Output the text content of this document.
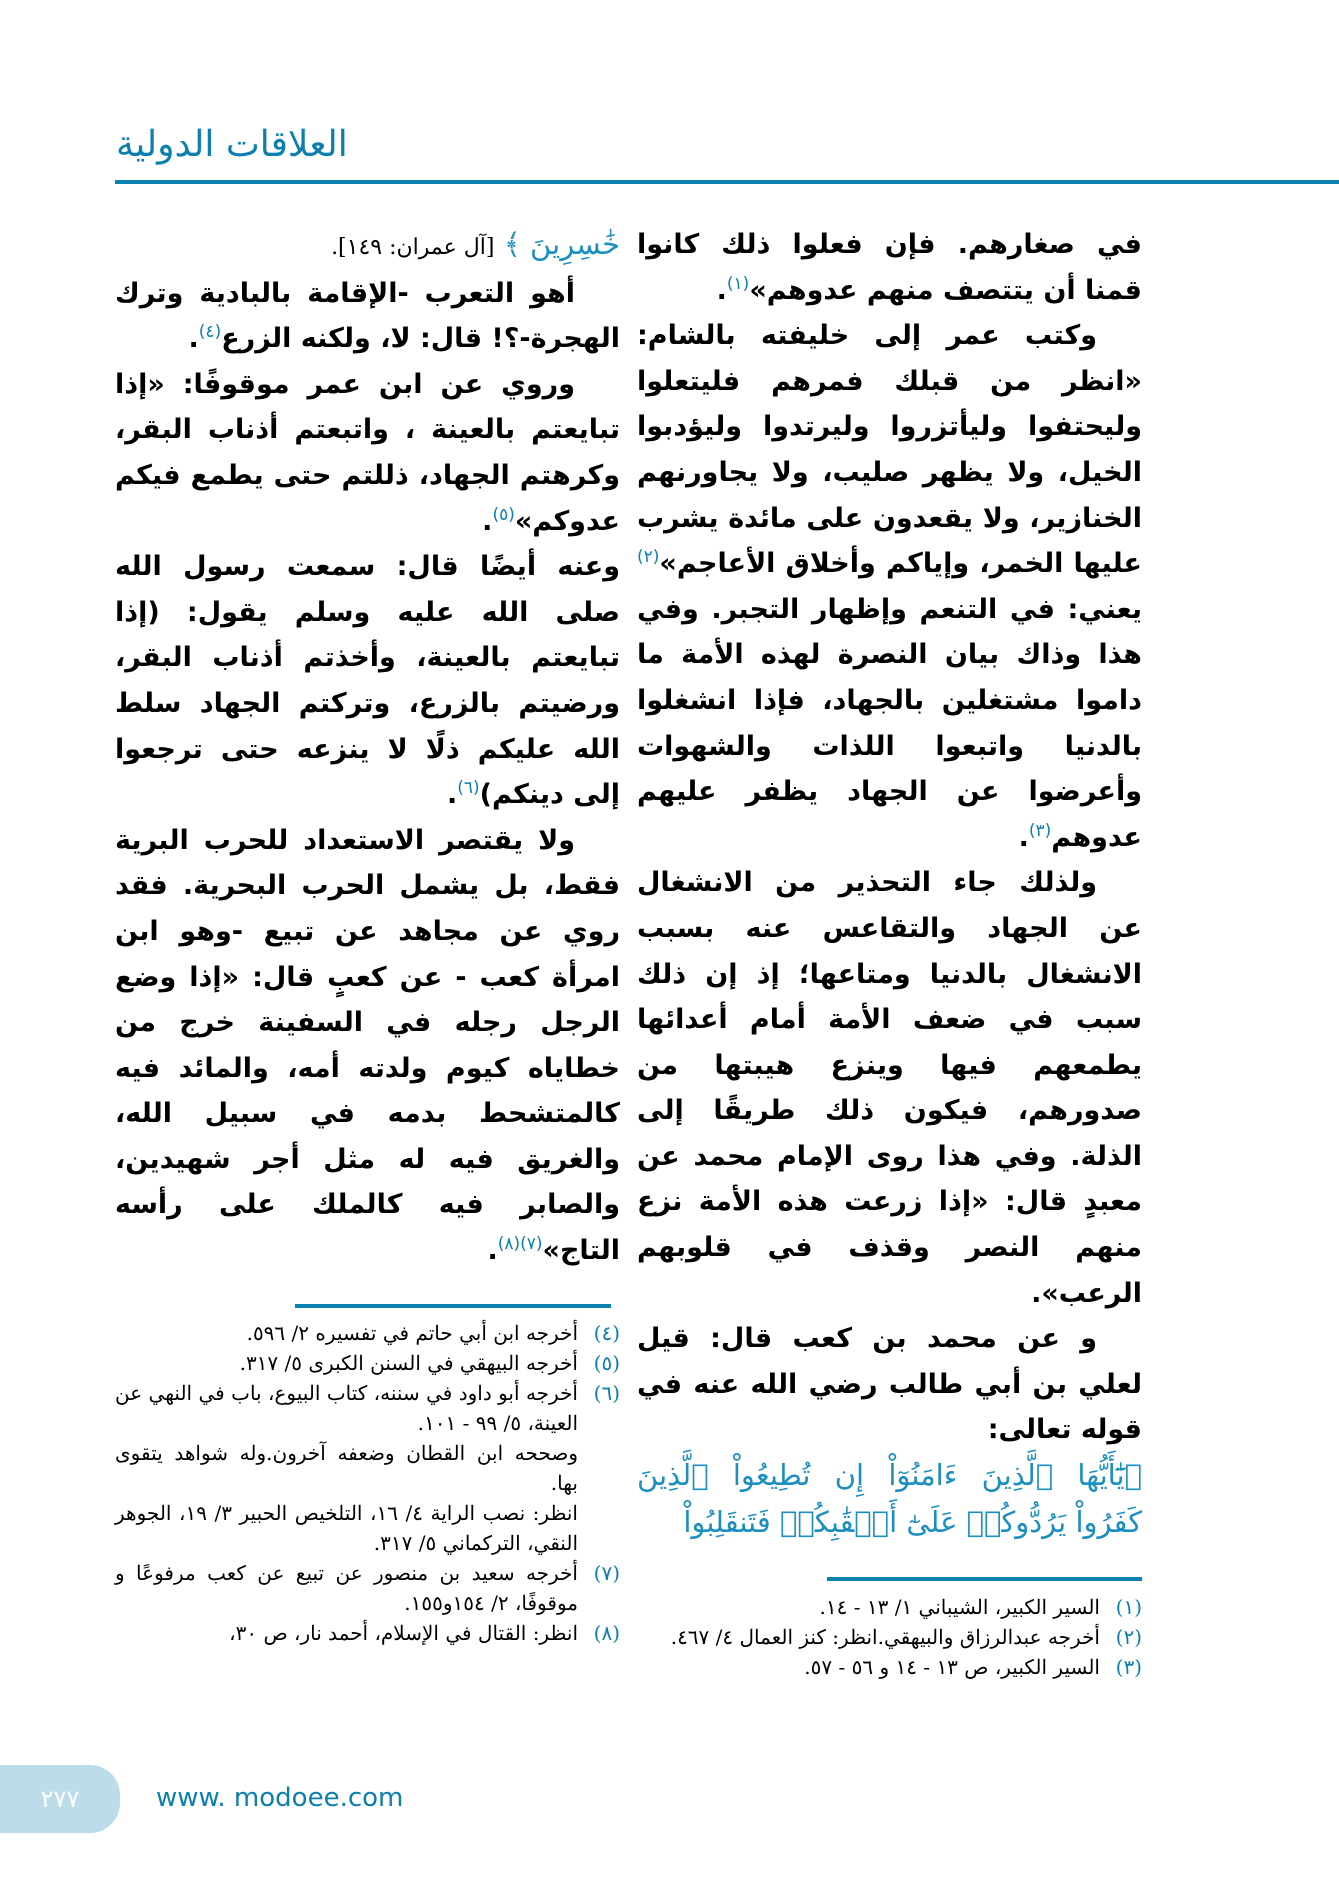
العلاقات الدولية

في صغارهم. فإن فعلوا ذلك كانوا قمنا أن يتتصف منهم عدوهم»$^{(١)}$.

وكتب عمر إلى خليفته بالشام: «انظر من قبلك فمرهم فليتعلوا وليحتفوا وليأتزروا وليرتدوا وليؤدبوا الخيل، ولا يظهر صليب، ولا يجاورنهم الخنازير، ولا يقعدون على مائدة يشرب عليها الخمر، وإياكم وأخلاق الأعاجم»$^{(٢)}$ يعني: في التنعم وإظهار التجبر. وفي هذا وذاك بيان النصرة لهذه الأمة ما داموا مشتغلين بالجهاد، فإذا انشغلوا بالدنيا واتبعوا اللذات والشهوات وأعرضوا عن الجهاد يظفر عليهم عدوهم$^{(٣)}$.

ولذلك جاء التحذير من الانشغال عن الجهاد والتقاعس عنه بسبب الانشغال بالدنيا ومتاعها؛ إذ إن ذلك سبب في ضعف الأمة أمام أعدائها يطمعهم فيها وينزع هيبتها من صدورهم، فيكون ذلك طريقًا إلى الذلة. وفي هذا روى الإمام محمد عن معبدٍ قال: «إذا زرعت هذه الأمة نزع منهم النصر وقذف في قلوبهم الرعب».

و عن محمد بن كعب قال: قيل لعلي بن أبي طالب رضي الله عنه في قوله تعالى:

﴿يَٰٓأَيُّهَا ٱلَّذِينَ ءَامَنُوٓاْ إِن تُطِيعُواْ ٱلَّذِينَ كَفَرُواْ يَرُدُّوكُمۡ عَلَىٰٓ أَعۡقَٰبِكُمۡ فَتَنقَلِبُواْ

خَٰسِرِينَ ﴾ [آل عمران: ١٤٩].

أهو التعرب -الإقامة بالبادية وترك الهجرة-؟! قال: لا، ولكنه الزرع$^{(٤)}$.

وروي عن ابن عمر موقوفًا: «إذا تبايعتم بالعينة ، واتبعتم أذناب البقر، وكرهتم الجهاد، ذللتم حتى يطمع فيكم عدوكم»$^{(٥)}$.

وعنه أيضًا قال: سمعت رسول الله صلى الله عليه وسلم يقول: (إذا تبايعتم بالعينة، وأخذتم أذناب البقر، ورضيتم بالزرع، وتركتم الجهاد سلط الله عليكم ذلًا لا ينزعه حتى ترجعوا إلى دينكم)$^{(٦)}$.

ولا يقتصر الاستعداد للحرب البرية فقط، بل يشمل الحرب البحرية. فقد روي عن مجاهد عن تبيع -وهو ابن امرأة كعب - عن كعبٍ قال: «إذا وضع الرجل رجله في السفينة خرج من خطاياه كيوم ولدته أمه، والمائد فيه كالمتشحط بدمه في سبيل الله، والغريق فيه له مثل أجر شهيدين، والصابر فيه كالملك على رأسه التاج»$^{(٧)(٨)}$.

(٤)
أخرجه ابن أبي حاتم في تفسيره ٢/ ٥٩٦.
(٥)
أخرجه البيهقي في السنن الكبرى ٥/ ٣١٧.
(٦)
أخرجه أبو داود في سننه، كتاب البيوع، باب في النهي عن العينة، ٥/ ٩٩ - ١٠١.

وصححه ابن القطان وضعفه آخرون.وله شواهد يتقوى بها.

انظر: نصب الراية ٤/ ١٦، التلخيص الحبير ٣/ ١٩، الجوهر النقي، التركماني ٥/ ٣١٧.

(٧)
أخرجه سعيد بن منصور عن تبيع عن كعب مرفوعًا و موقوفًا، ٢/ ١٥٤و١٥٥.
(٨)
انظر: القتال في الإسلام، أحمد نار، ص ٣٠،
(١)
السير الكبير، الشيباني ١/ ١٣ - ١٤.
(٢)
أخرجه عبدالرزاق والبيهقي.انظر: كنز العمال ٤/ ٤٦٧.
(٣)
السير الكبير، ص ١٣ - ١٤ و ٥٦ - ٥٧.
٢٧٧	www. modoee.com
